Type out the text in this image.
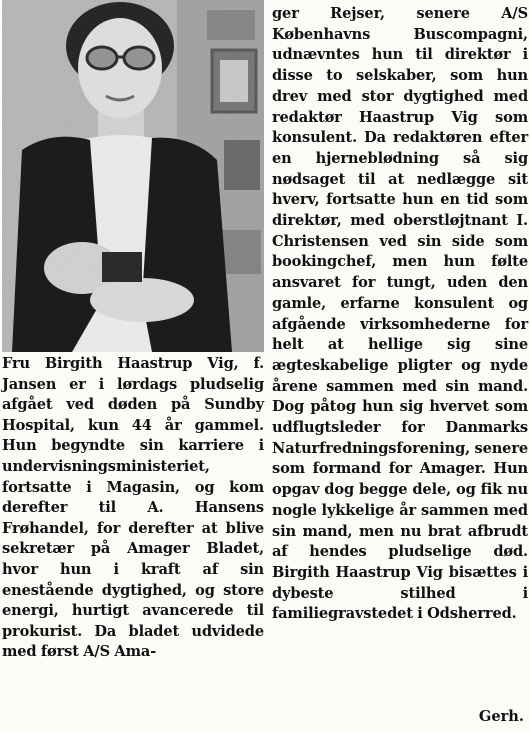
Fru Birgith Haastrup Vig, f. Jansen er i lørdags pludselig afgået ved døden på Sundby Hospital, kun 44 år gammel. Hun begyndte sin karriere i undervisningsministeriet, fortsatte i Magasin, og kom derefter til A. Hansens Frøhandel, for derefter at blive sekretær på Amager Bladet, hvor hun i kraft af sin enestående dygtighed, og store energi, hurtigt avancerede til prokurist. Da bladet udvidede med først A/S Ama-

ger Rejser, senere A/S Københavns Buscompagni, udnævntes hun til direktør i disse to selskaber, som hun drev med stor dygtighed med redaktør Haastrup Vig som konsulent. Da redaktøren efter en hjerneblødning så sig nødsaget til at nedlægge sit hverv, fortsatte hun en tid som direktør, med oberstløjtnant I. Christensen ved sin side som bookingchef, men hun følte ansvaret for tungt, uden den gamle, erfarne konsulent og afgående virksomhederne for helt at hellige sig sine ægteskabelige pligter og nyde årene sammen med sin mand. Dog påtog hun sig hvervet som udflugtsleder for Danmarks Naturfredningsforening, senere som formand for Amager. Hun opgav dog begge dele, og fik nu nogle lykkelige år sammen med sin mand, men nu brat afbrudt af hendes pludselige død. Birgith Haastrup Vig bisættes i dybeste stilhed i familiegravstedet i Odsherred.

Gerh.
